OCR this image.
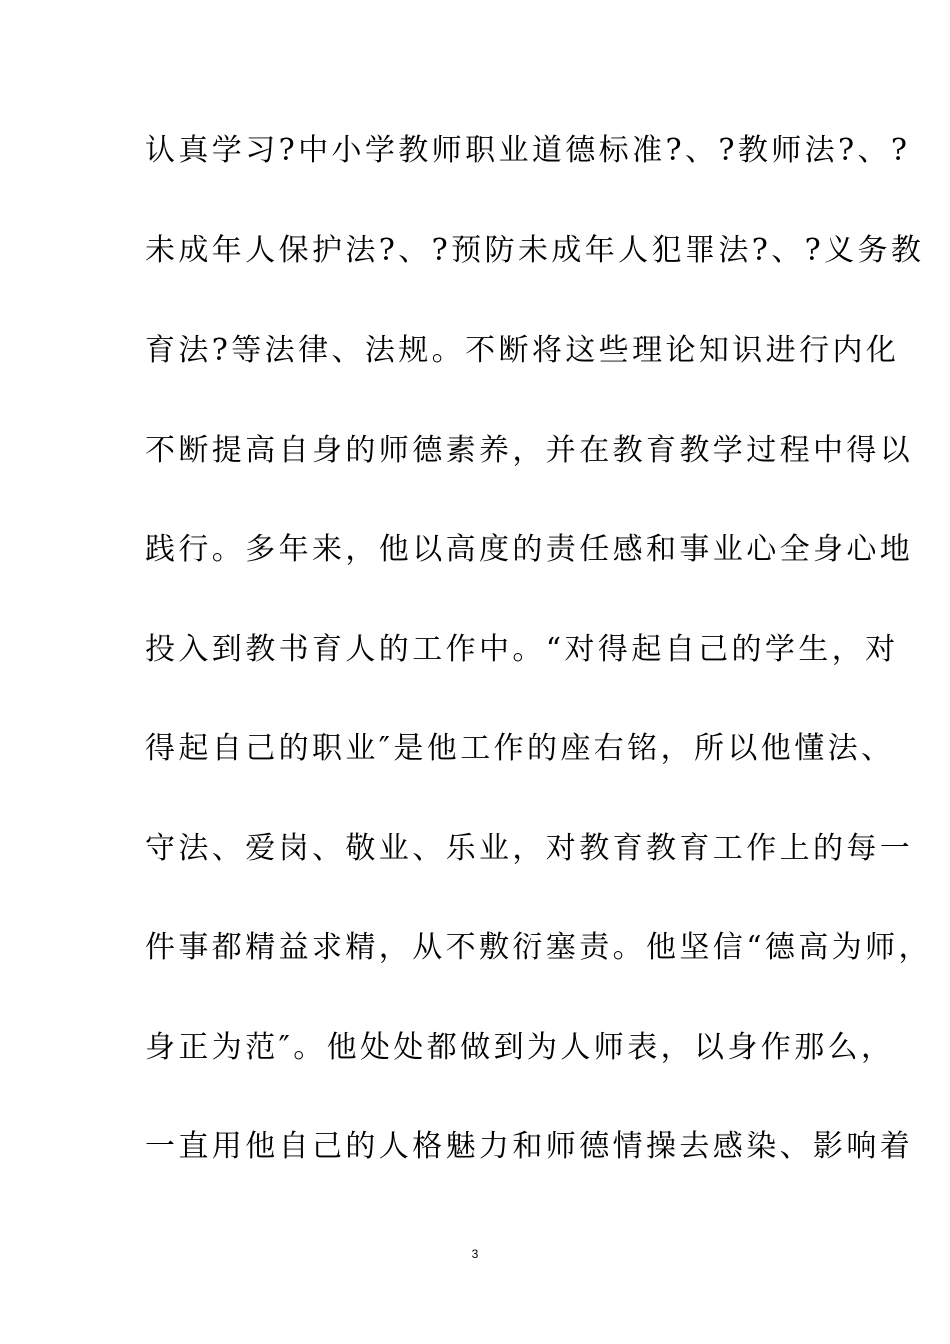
认真学习?中小学教师职业道德标准?、?教师法?、?
未成年人保护法?、?预防未成年人犯罪法?、?义务教
育法?等法律、法规。不断将这些理论知识进行内化
不断提高自身的师德素养，并在教育教学过程中得以
践行。多年来，他以高度的责任感和事业心全身心地
投入到教书育人的工作中。“对得起自己的学生，对
得起自己的职业″是他工作的座右铭，所以他懂法、
守法、爱岗、敬业、乐业，对教育教育工作上的每一
件事都精益求精，从不敷衍塞责。他坚信“德高为师，
身正为范″。他处处都做到为人师表，以身作那么，
一直用他自己的人格魅力和师德情操去感染、影响着
3
